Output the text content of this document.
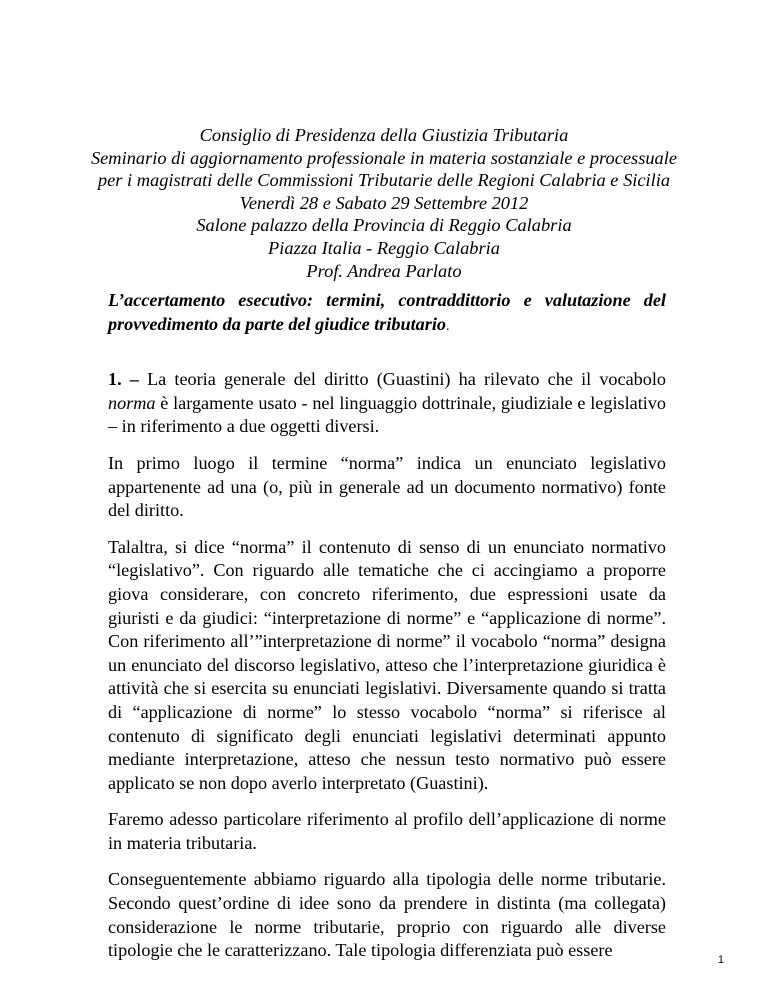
Consiglio di Presidenza della Giustizia Tributaria
Seminario di aggiornamento professionale in materia sostanziale e processuale
per i magistrati delle Commissioni Tributarie delle Regioni Calabria e Sicilia
Venerdì 28 e Sabato 29 Settembre 2012
Salone palazzo della Provincia di Reggio Calabria
Piazza Italia - Reggio Calabria
Prof. Andrea Parlato

L’accertamento esecutivo: termini, contraddittorio e valutazione del provvedimento da parte del giudice tributario.

1. – La teoria generale del diritto (Guastini) ha rilevato che il vocabolo norma è largamente usato - nel linguaggio dottrinale, giudiziale e legislativo – in riferimento a due oggetti diversi.

In primo luogo il termine “norma” indica un enunciato legislativo appartenente ad una (o, più in generale ad un documento normativo) fonte del diritto.

Talaltra, si dice “norma” il contenuto di senso di un enunciato normativo “legislativo”. Con riguardo alle tematiche che ci accingiamo a proporre giova considerare, con concreto riferimento, due espressioni usate da giuristi e da giudici: “interpretazione di norme” e “applicazione di norme”. Con riferimento all’”interpretazione di norme” il vocabolo “norma” designa un enunciato del discorso legislativo, atteso che l’interpretazione giuridica è attività che si esercita su enunciati legislativi. Diversamente quando si tratta di “applicazione di norme” lo stesso vocabolo “norma” si riferisce al contenuto di significato degli enunciati legislativi determinati appunto mediante interpretazione, atteso che nessun testo normativo può essere applicato se non dopo averlo interpretato (Guastini).

Faremo adesso particolare riferimento al profilo dell’applicazione di norme in materia tributaria.

Conseguentemente abbiamo riguardo alla tipologia delle norme tributarie. Secondo quest’ordine di idee sono da prendere in distinta (ma collegata) considerazione le norme tributarie, proprio con riguardo alle diverse tipologie che le caratterizzano. Tale tipologia differenziata può essere	1
